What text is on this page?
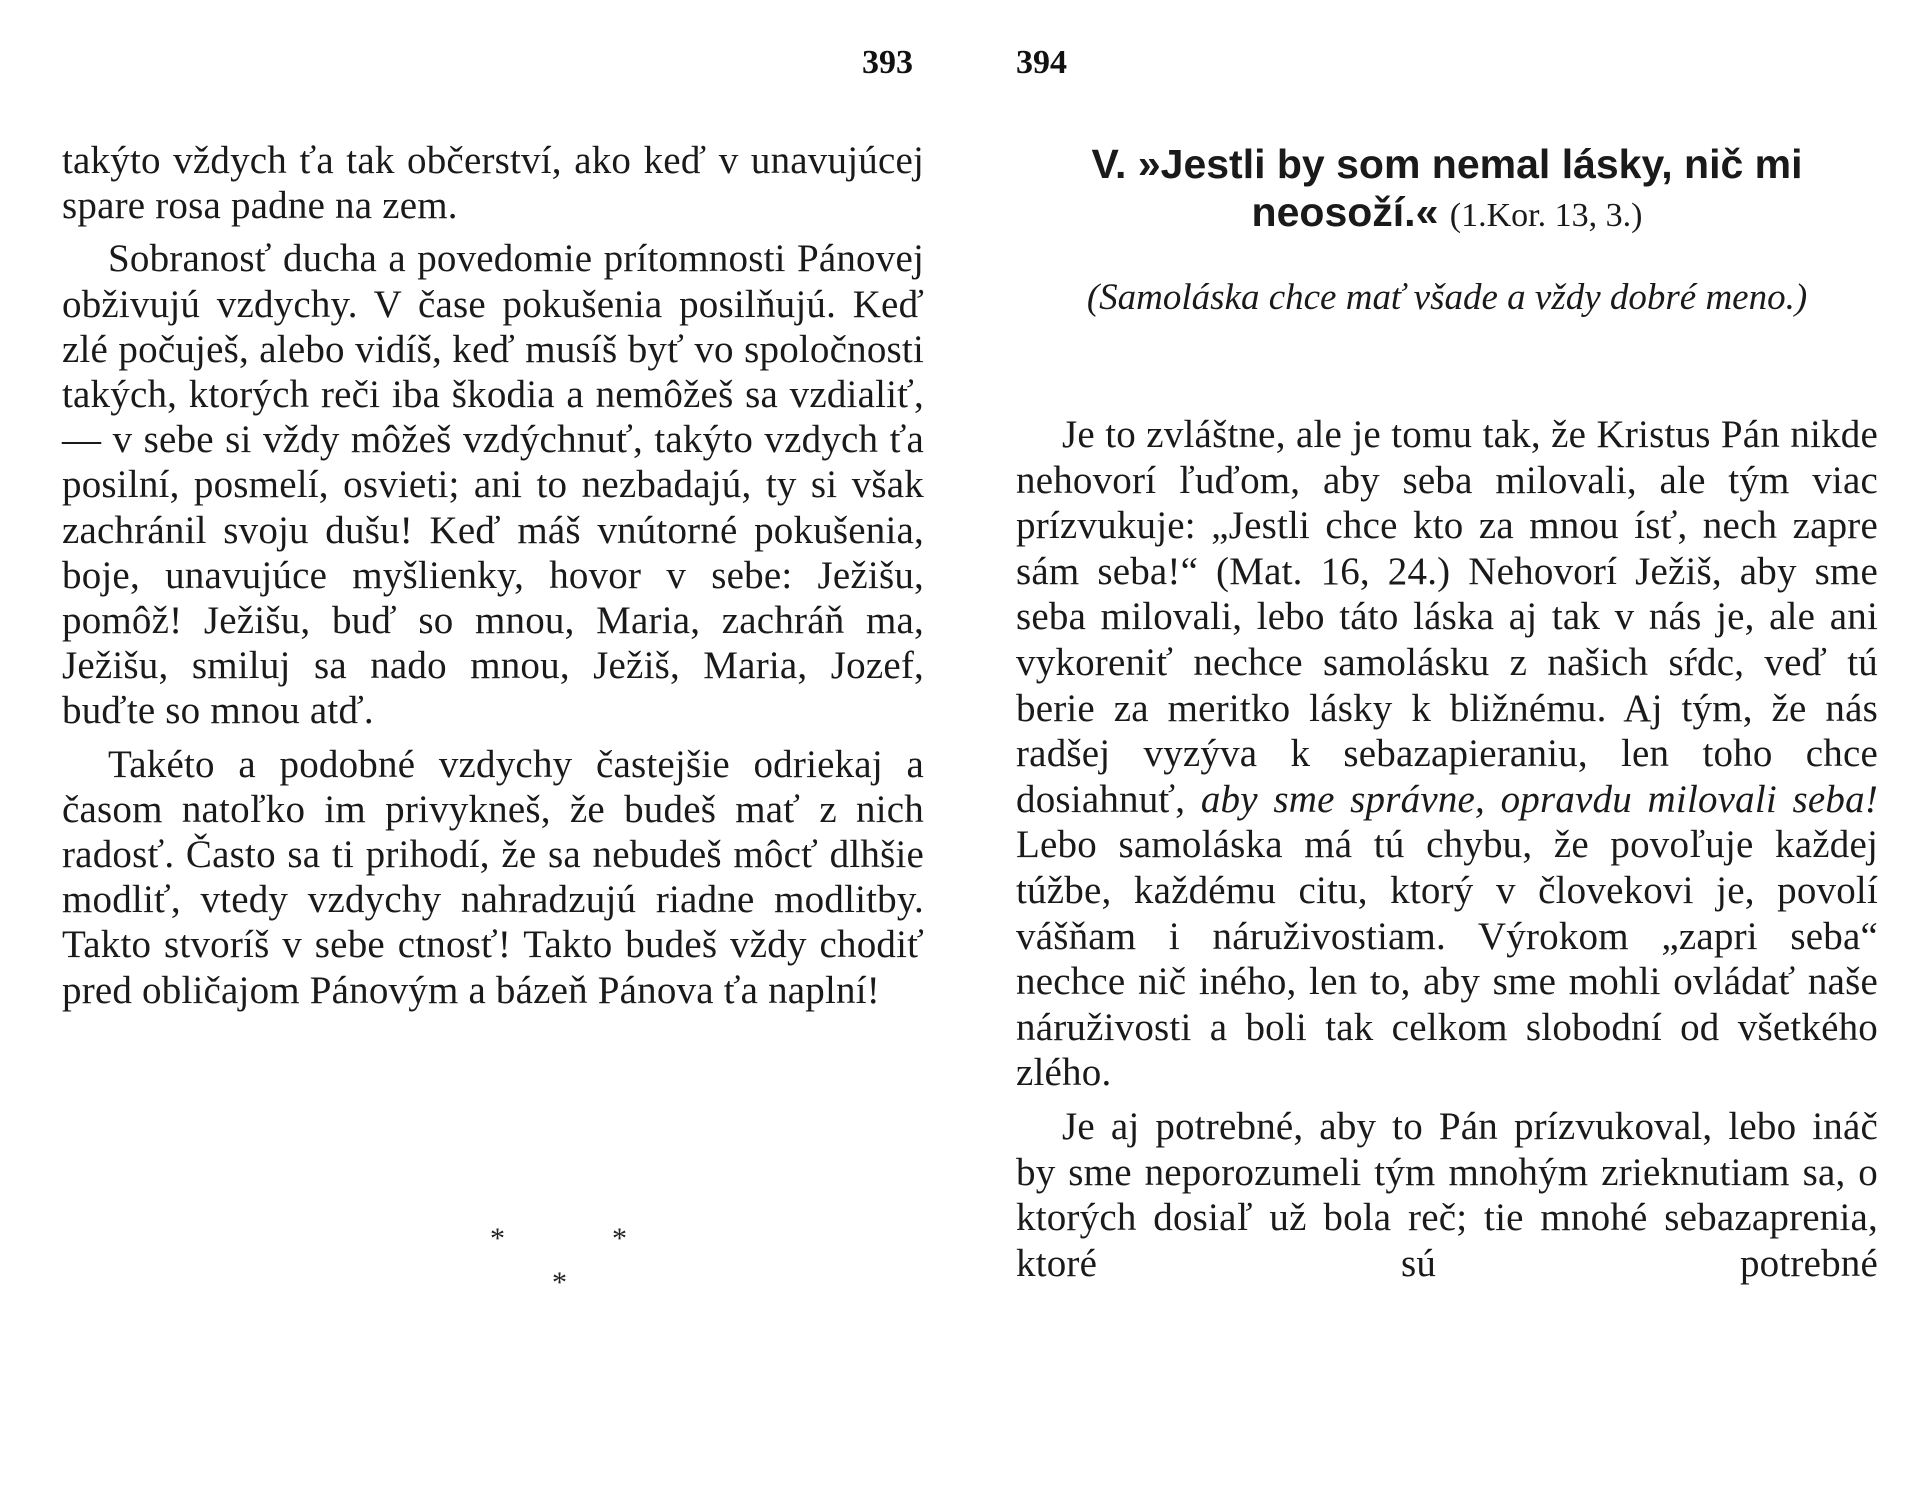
393

takýto vždych ťa tak občerství, ako keď v unavujúcej spare rosa padne na zem.

Sobranosť ducha a povedomie prítomnosti Pánovej obživujú vzdychy. V čase pokušenia posilňujú. Keď zlé počuješ, alebo vidíš, keď musíš byť vo spoločnosti takých, ktorých reči iba škodia a nemôžeš sa vzdialiť, — v sebe si vždy môžeš vzdýchnuť, takýto vzdych ťa posilní, posmelí, osvieti; ani to nezbadajú, ty si však zachránil svoju dušu! Keď máš vnútorné pokušenia, boje, unavujúce myšlienky, hovor v sebe: Ježišu, pomôž! Ježišu, buď so mnou, Maria, zachráň ma, Ježišu, smiluj sa nado mnou, Ježiš, Maria, Jozef, buďte so mnou atď.

Takéto a podobné vzdychy častejšie odriekaj a časom natoľko im privykneš, že budeš mať z nich radosť. Často sa ti prihodí, že sa nebudeš môcť dlhšie modliť, vtedy vzdychy nahradzujú riadne modlitby. Takto stvoríš v sebe ctnosť! Takto budeš vždy chodiť pred obličajom Pánovým a bázeň Pánova ťa naplní!

*	*
*
394
V. »Jestli by som nemal lásky, nič mi neosoží.« (1.Kor. 13, 3.)
(Samoláska chce mať všade a vždy dobré meno.)

Je to zvláštne, ale je tomu tak, že Kristus Pán nikde nehovorí ľuďom, aby seba milovali, ale tým viac prízvukuje: „Jestli chce kto za mnou ísť, nech zapre sám seba!“ (Mat. 16, 24.) Nehovorí Ježiš, aby sme seba milovali, lebo táto láska aj tak v nás je, ale ani vykoreniť nechce samolásku z našich sŕdc, veď tú berie za meritko lásky k bližnému. Aj tým, že nás radšej vyzýva k sebazapieraniu, len toho chce dosiahnuť, aby sme správne, opravdu milovali seba! Lebo samoláska má tú chybu, že povoľuje každej túžbe, každému citu, ktorý v človekovi je, povolí vášňam i náruživostiam. Výrokom „zapri seba“ nechce nič iného, len to, aby sme mohli ovládať naše náruživosti a boli tak celkom slobodní od všetkého zlého.

Je aj potrebné, aby to Pán prízvukoval, lebo ináč by sme neporozumeli tým mnohým zrieknutiam sa, o ktorých dosiaľ už bola reč; tie mnohé sebazaprenia, ktoré sú potrebné
